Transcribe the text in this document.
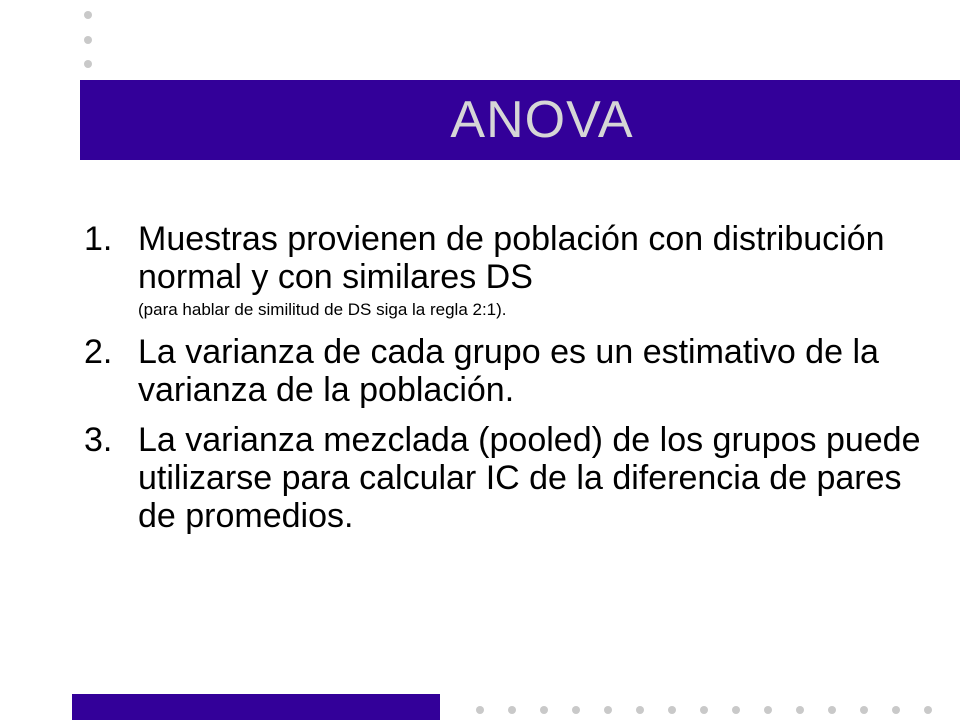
ANOVA
1. Muestras provienen de población con distribución normal y con similares DS
(para hablar de similitud de DS siga la regla 2:1).
2. La varianza de cada grupo es un estimativo de la varianza de la población.
3. La varianza mezclada (pooled) de los grupos puede utilizarse para calcular IC de la diferencia de pares de promedios.
